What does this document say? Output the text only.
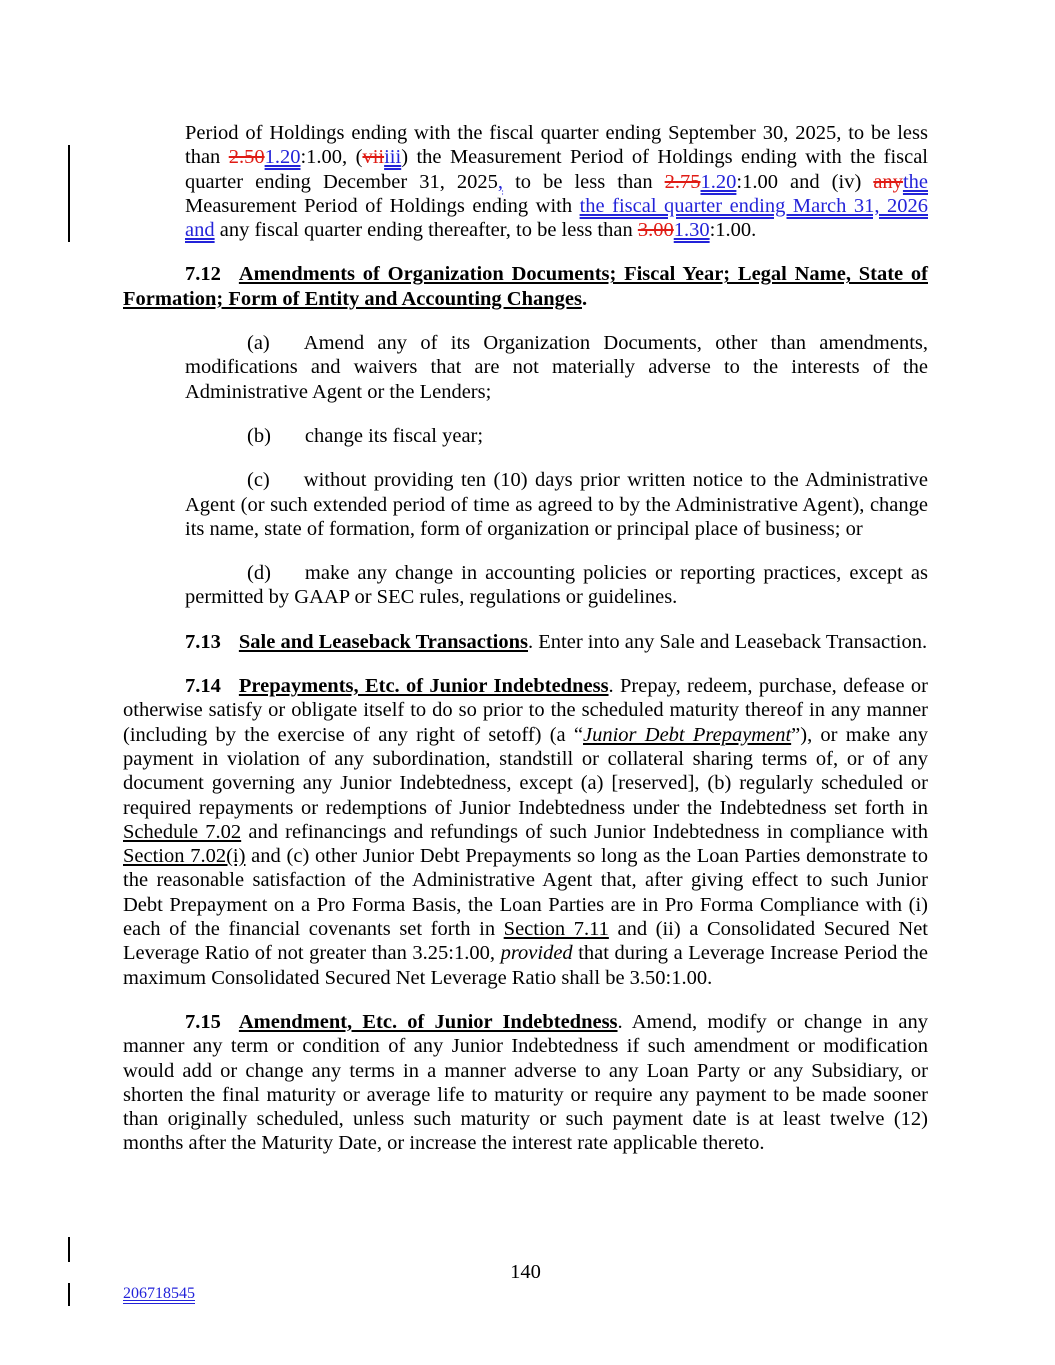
Period of Holdings ending with the fiscal quarter ending September 30, 2025, to be less than 2.501.20:1.00, (viiiii) the Measurement Period of Holdings ending with the fiscal quarter ending December 31, 2025, to be less than 2.751.20:1.00 and (iv) anythe Measurement Period of Holdings ending with the fiscal quarter ending March 31, 2026 and any fiscal quarter ending thereafter, to be less than 3.001.30:1.00.

7.12 Amendments of Organization Documents; Fiscal Year; Legal Name, State of Formation; Form of Entity and Accounting Changes.

(a) Amend any of its Organization Documents, other than amendments, modifications and waivers that are not materially adverse to the interests of the Administrative Agent or the Lenders;

(b) change its fiscal year;

(c) without providing ten (10) days prior written notice to the Administrative Agent (or such extended period of time as agreed to by the Administrative Agent), change its name, state of formation, form of organization or principal place of business; or

(d) make any change in accounting policies or reporting practices, except as permitted by GAAP or SEC rules, regulations or guidelines.

7.13 Sale and Leaseback Transactions. Enter into any Sale and Leaseback Transaction.

7.14 Prepayments, Etc. of Junior Indebtedness. Prepay, redeem, purchase, defease or otherwise satisfy or obligate itself to do so prior to the scheduled maturity thereof in any manner (including by the exercise of any right of setoff) (a “Junior Debt Prepayment”), or make any payment in violation of any subordination, standstill or collateral sharing terms of, or of any document governing any Junior Indebtedness, except (a) [reserved], (b) regularly scheduled or required repayments or redemptions of Junior Indebtedness under the Indebtedness set forth in Schedule 7.02 and refinancings and refundings of such Junior Indebtedness in compliance with Section 7.02(i) and (c) other Junior Debt Prepayments so long as the Loan Parties demonstrate to the reasonable satisfaction of the Administrative Agent that, after giving effect to such Junior Debt Prepayment on a Pro Forma Basis, the Loan Parties are in Pro Forma Compliance with (i) each of the financial covenants set forth in Section 7.11 and (ii) a Consolidated Secured Net Leverage Ratio of not greater than 3.25:1.00, provided that during a Leverage Increase Period the maximum Consolidated Secured Net Leverage Ratio shall be 3.50:1.00.

7.15 Amendment, Etc. of Junior Indebtedness. Amend, modify or change in any manner any term or condition of any Junior Indebtedness if such amendment or modification would add or change any terms in a manner adverse to any Loan Party or any Subsidiary, or shorten the final maturity or average life to maturity or require any payment to be made sooner than originally scheduled, unless such maturity or such payment date is at least twelve (12) months after the Maturity Date, or increase the interest rate applicable thereto.

140
206718545
